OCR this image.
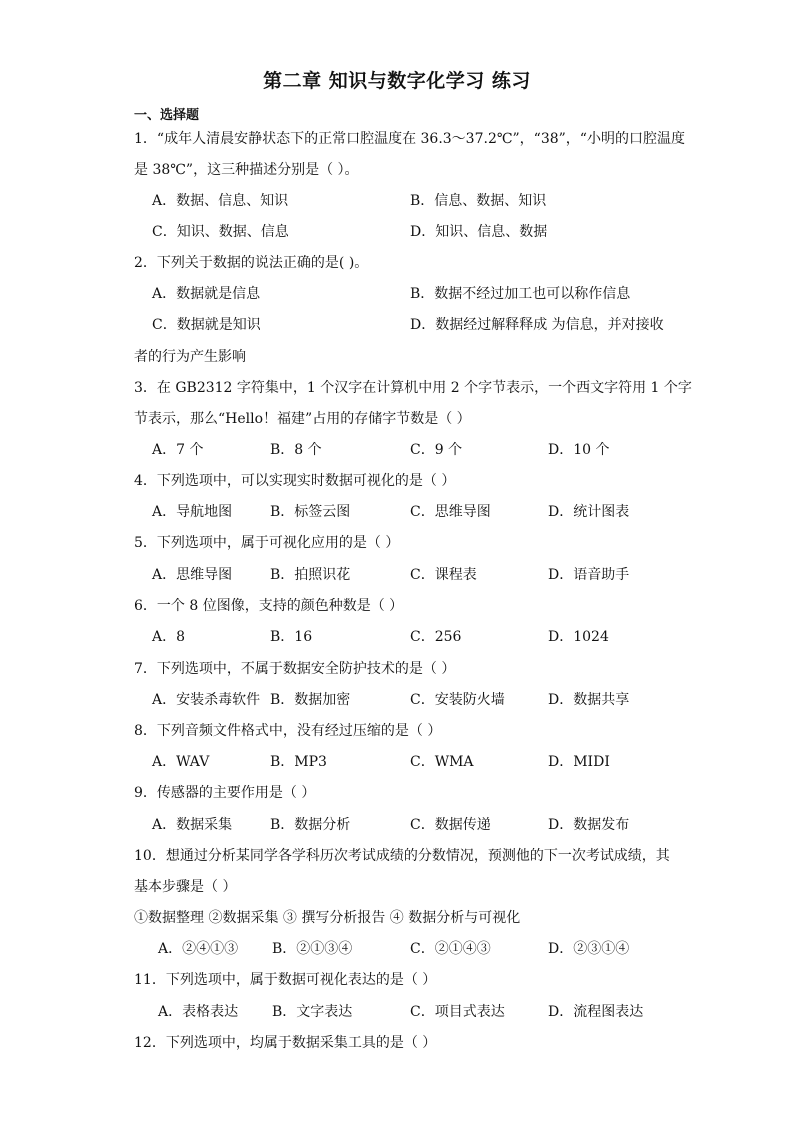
第二章 知识与数字化学习 练习
一、选择题
1．“成年人清晨安静状态下的正常口腔温度在 36.3～37.2℃”，“38”，“小明的口腔温度
是 38℃”，这三种描述分别是（ ）。
A．数据、信息、知识	B．信息、数据、知识
C．知识、数据、信息	D．知识、信息、数据
2．下列关于数据的说法正确的是( )。
A．数据就是信息	B．数据不经过加工也可以称作信息
C．数据就是知识	D．数据经过解释释成 为信息，并对接收
者的行为产生影响
3．在 GB2312 字符集中，1 个汉字在计算机中用 2 个字节表示，一个西文字符用 1 个字
节表示，那么“Hello！福建”占用的存储字节数是（ ）
A．7 个	B．8 个	C．9 个	D．10 个
4．下列选项中，可以实现实时数据可视化的是（ ）
A．导航地图	B．标签云图	C．思维导图	D．统计图表
5．下列选项中，属于可视化应用的是（ ）
A．思维导图	B．拍照识花	C．课程表	D．语音助手
6．一个 8 位图像，支持的颜色种数是（ ）
A．8	B．16	C．256	D．1024
7．下列选项中，不属于数据安全防护技术的是（ ）
A．安装杀毒软件 B．数据加密	C．安装防火墙	D．数据共享
8．下列音频文件格式中，没有经过压缩的是（ ）
A．WAV	B．MP3	C．WMA	D．MIDI
9．传感器的主要作用是（ ）
A．数据采集	B．数据分析	C．数据传递	D．数据发布
10．想通过分析某同学各学科历次考试成绩的分数情况，预测他的下一次考试成绩，其
基本步骤是（ ）
①数据整理 ②数据采集 ③ 撰写分析报告 ④ 数据分析与可视化
A．②④①③ B．②①③④	C．②①④③	D．②③①④
11．下列选项中，属于数据可视化表达的是（ ）
A．表格表达 B．文字表达	C．项目式表达	D．流程图表达
12．下列选项中，均属于数据采集工具的是（ ）
